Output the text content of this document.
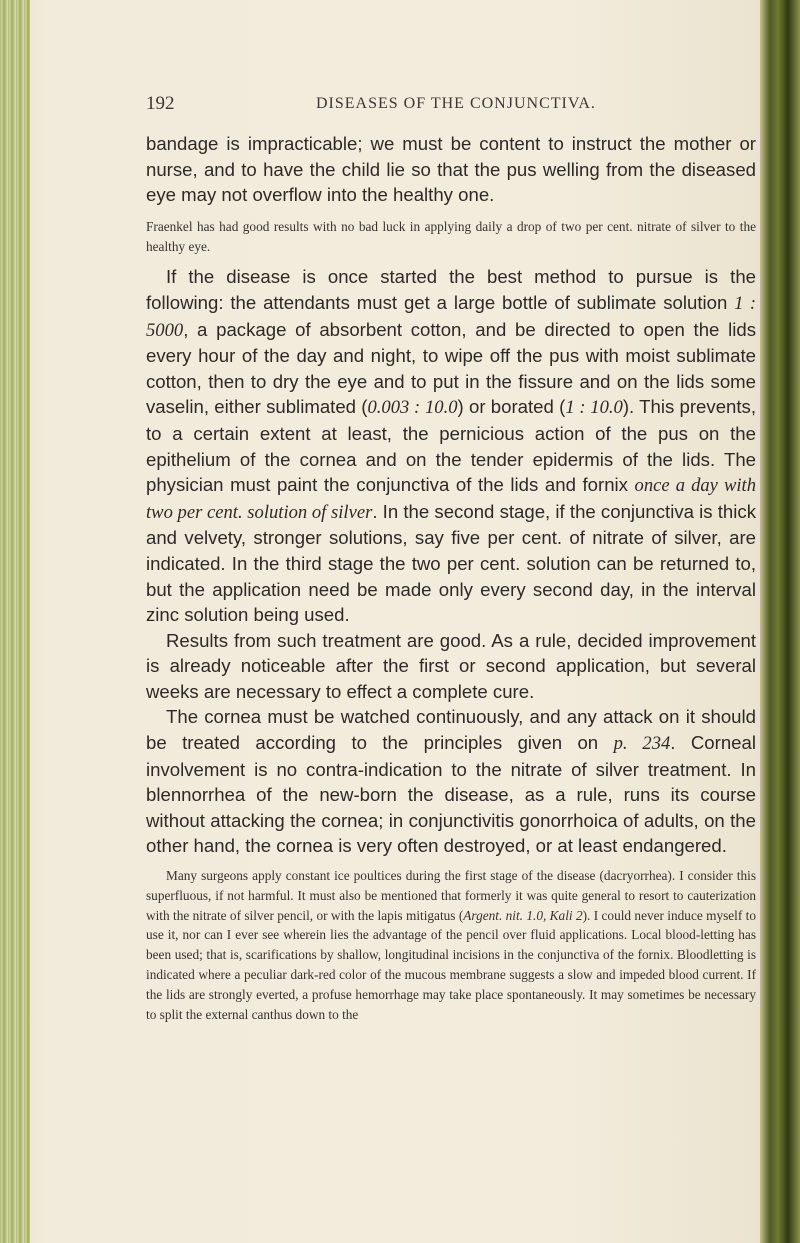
192	DISEASES OF THE CONJUNCTIVA.

bandage is impracticable; we must be content to instruct the mother or nurse, and to have the child lie so that the pus welling from the diseased eye may not overflow into the healthy one.

Fraenkel has had good results with no bad luck in applying daily a drop of two per cent. nitrate of silver to the healthy eye.

If the disease is once started the best method to pursue is the following: the attendants must get a large bottle of sublimate solution 1 : 5000, a package of absorbent cotton, and be directed to open the lids every hour of the day and night, to wipe off the pus with moist sublimate cotton, then to dry the eye and to put in the fissure and on the lids some vaselin, either sublimated (0.003 : 10.0) or borated (1 : 10.0). This prevents, to a certain extent at least, the pernicious action of the pus on the epithelium of the cornea and on the tender epidermis of the lids. The physician must paint the conjunctiva of the lids and fornix once a day with two per cent. solution of silver. In the second stage, if the conjunctiva is thick and velvety, stronger solutions, say five per cent. of nitrate of silver, are indicated. In the third stage the two per cent. solution can be returned to, but the application need be made only every second day, in the interval zinc solution being used.

Results from such treatment are good. As a rule, decided improvement is already noticeable after the first or second application, but several weeks are necessary to effect a complete cure.

The cornea must be watched continuously, and any attack on it should be treated according to the principles given on p. 234. Corneal involvement is no contra-indication to the nitrate of silver treatment. In blennorrhea of the new-born the disease, as a rule, runs its course without attacking the cornea; in conjunctivitis gonorrhoica of adults, on the other hand, the cornea is very often destroyed, or at least endangered.

Many surgeons apply constant ice poultices during the first stage of the disease (dacryorrhea). I consider this superfluous, if not harmful. It must also be mentioned that formerly it was quite general to resort to cauterization with the nitrate of silver pencil, or with the lapis mitigatus (Argent. nit. 1.0, Kali 2). I could never induce myself to use it, nor can I ever see wherein lies the advantage of the pencil over fluid applications. Local blood-letting has been used; that is, scarifications by shallow, longitudinal incisions in the conjunctiva of the fornix. Bloodletting is indicated where a peculiar dark-red color of the mucous membrane suggests a slow and impeded blood current. If the lids are strongly everted, a profuse hemorrhage may take place spontaneously. It may sometimes be necessary to split the external canthus down to the
